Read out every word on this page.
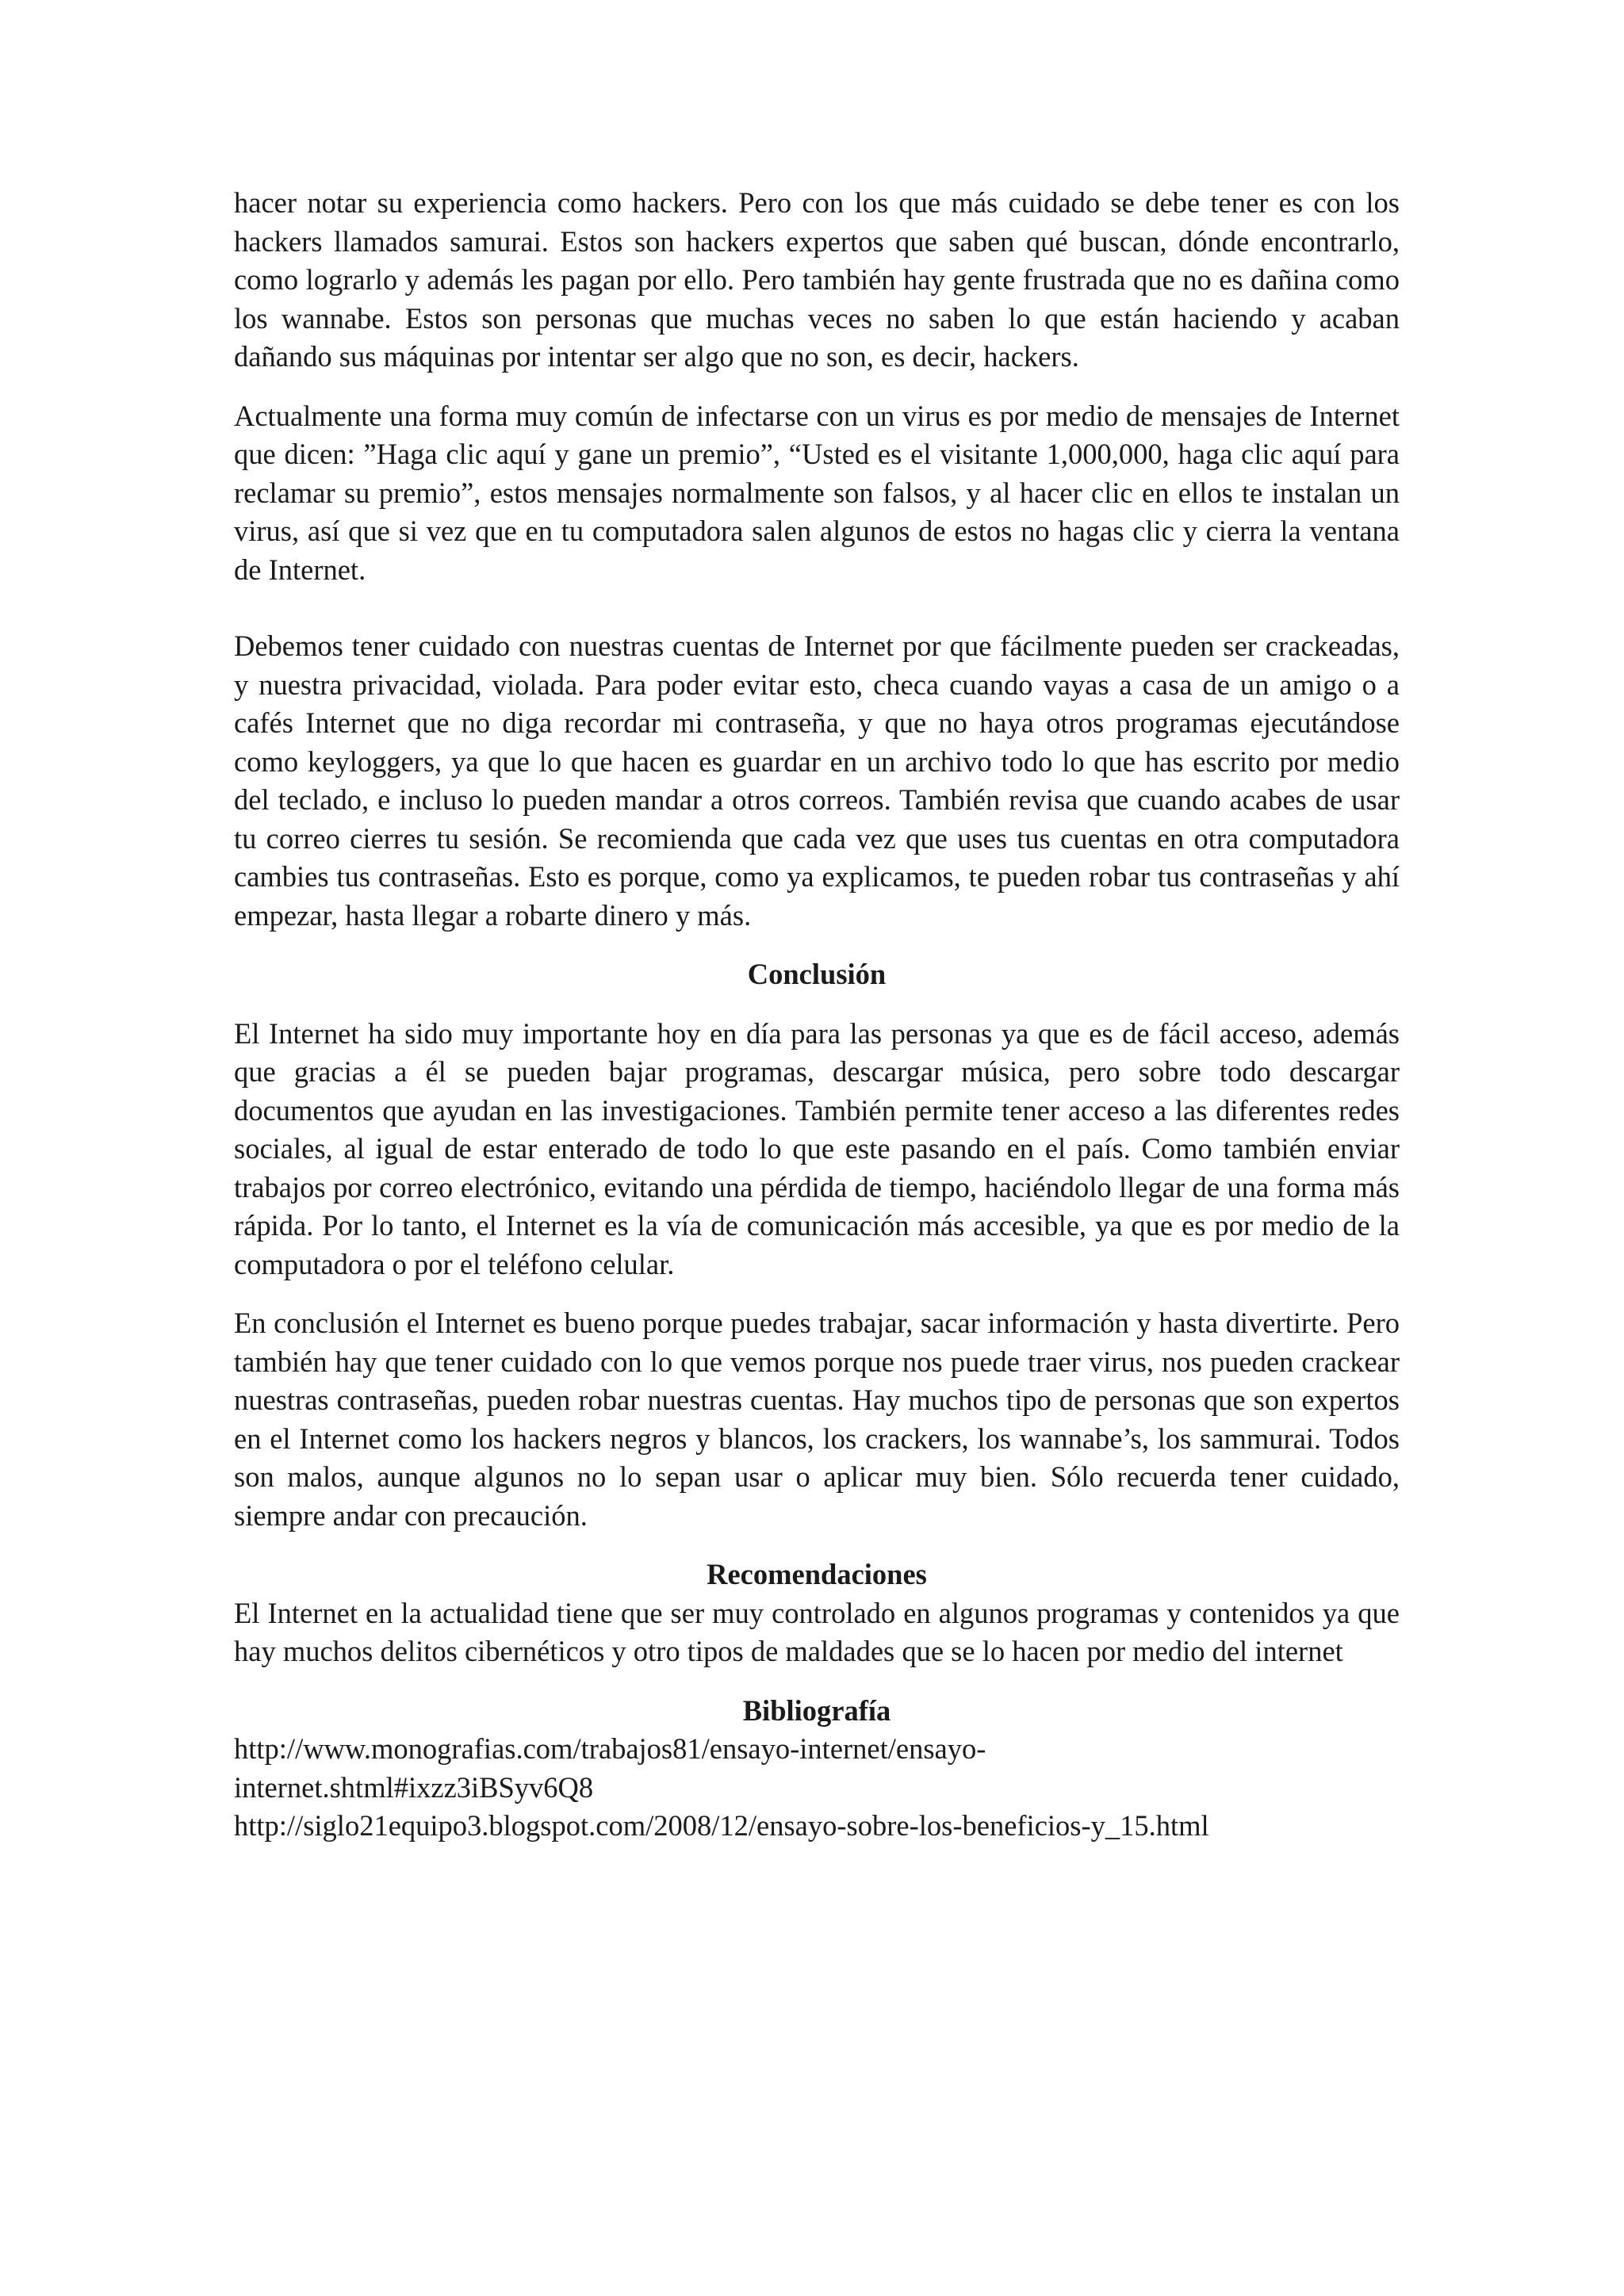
hacer notar su experiencia como hackers. Pero con los que más cuidado se debe tener es con los hackers llamados samurai. Estos son hackers expertos que saben qué buscan, dónde encontrarlo, como lograrlo y además les pagan por ello. Pero también hay gente frustrada que no es dañina como los wannabe. Estos son personas que muchas veces no saben lo que están haciendo y acaban dañando sus máquinas por intentar ser algo que no son, es decir, hackers.

Actualmente una forma muy común de infectarse con un virus es por medio de mensajes de Internet que dicen: ”Haga clic aquí y gane un premio”, “Usted es el visitante 1,000,000, haga clic aquí para reclamar su premio”, estos mensajes normalmente son falsos, y al hacer clic en ellos te instalan un virus, así que si vez que en tu computadora salen algunos de estos no hagas clic y cierra la ventana de Internet.

Debemos tener cuidado con nuestras cuentas de Internet por que fácilmente pueden ser crackeadas, y nuestra privacidad, violada. Para poder evitar esto, checa cuando vayas a casa de un amigo o a cafés Internet que no diga recordar mi contraseña, y que no haya otros programas ejecutándose como keyloggers, ya que lo que hacen es guardar en un archivo todo lo que has escrito por medio del teclado, e incluso lo pueden mandar a otros correos. También revisa que cuando acabes de usar tu correo cierres tu sesión. Se recomienda que cada vez que uses tus cuentas en otra computadora cambies tus contraseñas. Esto es porque, como ya explicamos, te pueden robar tus contraseñas y ahí empezar, hasta llegar a robarte dinero y más.

Conclusión

El Internet ha sido muy importante hoy en día para las personas ya que es de fácil acceso, además que gracias a él se pueden bajar programas, descargar música, pero sobre todo descargar documentos que ayudan en las investigaciones. También permite tener acceso a las diferentes redes sociales, al igual de estar enterado de todo lo que este pasando en el país. Como también enviar trabajos por correo electrónico, evitando una pérdida de tiempo, haciéndolo llegar de una forma más rápida. Por lo tanto, el Internet es la vía de comunicación más accesible, ya que es por medio de la computadora o por el teléfono celular.

En conclusión el Internet es bueno porque puedes trabajar, sacar información y hasta divertirte. Pero también hay que tener cuidado con lo que vemos porque nos puede traer virus, nos pueden crackear nuestras contraseñas, pueden robar nuestras cuentas. Hay muchos tipo de personas que son expertos en el Internet como los hackers negros y blancos, los crackers, los wannabe’s, los sammurai. Todos son malos, aunque algunos no lo sepan usar o aplicar muy bien. Sólo recuerda tener cuidado, siempre andar con precaución.

Recomendaciones

El Internet en la actualidad tiene que ser muy controlado en algunos programas y contenidos ya que hay muchos delitos cibernéticos y otro tipos de maldades que se lo hacen por medio del internet

Bibliografía

http://www.monografias.com/trabajos81/ensayo-internet/ensayo-

internet.shtml#ixzz3iBSyv6Q8

http://siglo21equipo3.blogspot.com/2008/12/ensayo-sobre-los-beneficios-y_15.html
